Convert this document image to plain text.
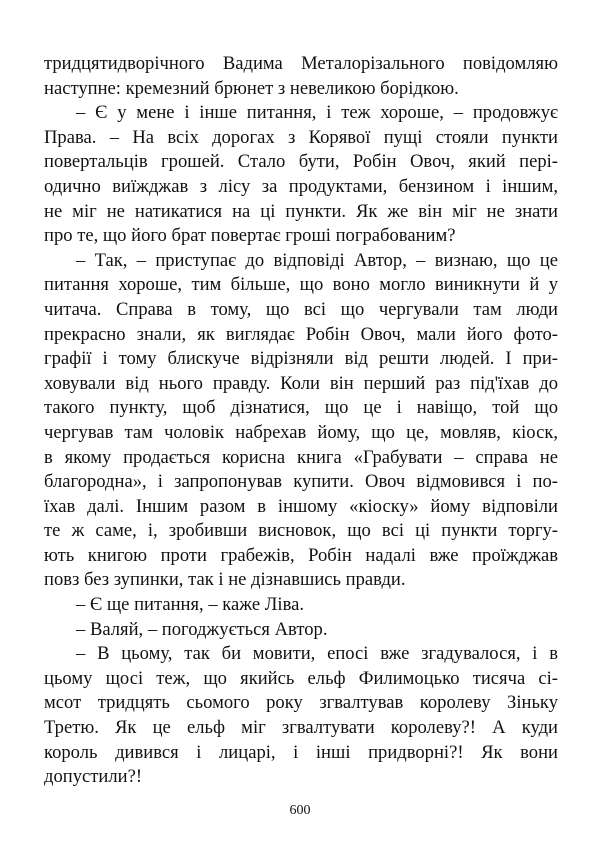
тридцятидворічного Вадима Металорізального повідомляю
наступне: кремезний брюнет з невеликою борідкою.
– Є у мене і інше питання, і теж хороше, – продовжує
Права. – На всіх дорогах з Корявої пущі стояли пункти
повертальців грошей. Стало бути, Робін Овоч, який пері-
одично виїжджав з лісу за продуктами, бензином і іншим,
не міг не натикатися на ці пункти. Як же він міг не знати
про те, що його брат повертає гроші пограбованим?
– Так, – приступає до відповіді Автор, – визнаю, що це
питання хороше, тим більше, що воно могло виникнути й у
читача. Справа в тому, що всі що чергували там люди
прекрасно знали, як виглядає Робін Овоч, мали його фото-
графії і тому блискуче відрізняли від решти людей. І при-
ховували від нього правду. Коли він перший раз під'їхав до
такого пункту, щоб дізнатися, що це і навіщо, той що
чергував там чоловік набрехав йому, що це, мовляв, кіоск,
в якому продається корисна книга «Грабувати – справа не
благородна», і запропонував купити. Овоч відмовився і по-
їхав далі. Іншим разом в іншому «кіоску» йому відповіли
те ж саме, і, зробивши висновок, що всі ці пункти торгу-
ють книгою проти грабежів, Робін надалі вже проїжджав
повз без зупинки, так і не дізнавшись правди.
– Є ще питання, – каже Ліва.
– Валяй, – погоджується Автор.
– В цьому, так би мовити, епосі вже згадувалося, і в
цьому щосі теж, що якийсь ельф Филимоцько тисяча сі-
мсот тридцять сьомого року згвалтував королеву Зіньку
Третю. Як це ельф міг згвалтувати королеву?! А куди
король дивився і лицарі, і інші придворні?! Як вони
допустили?!
600
